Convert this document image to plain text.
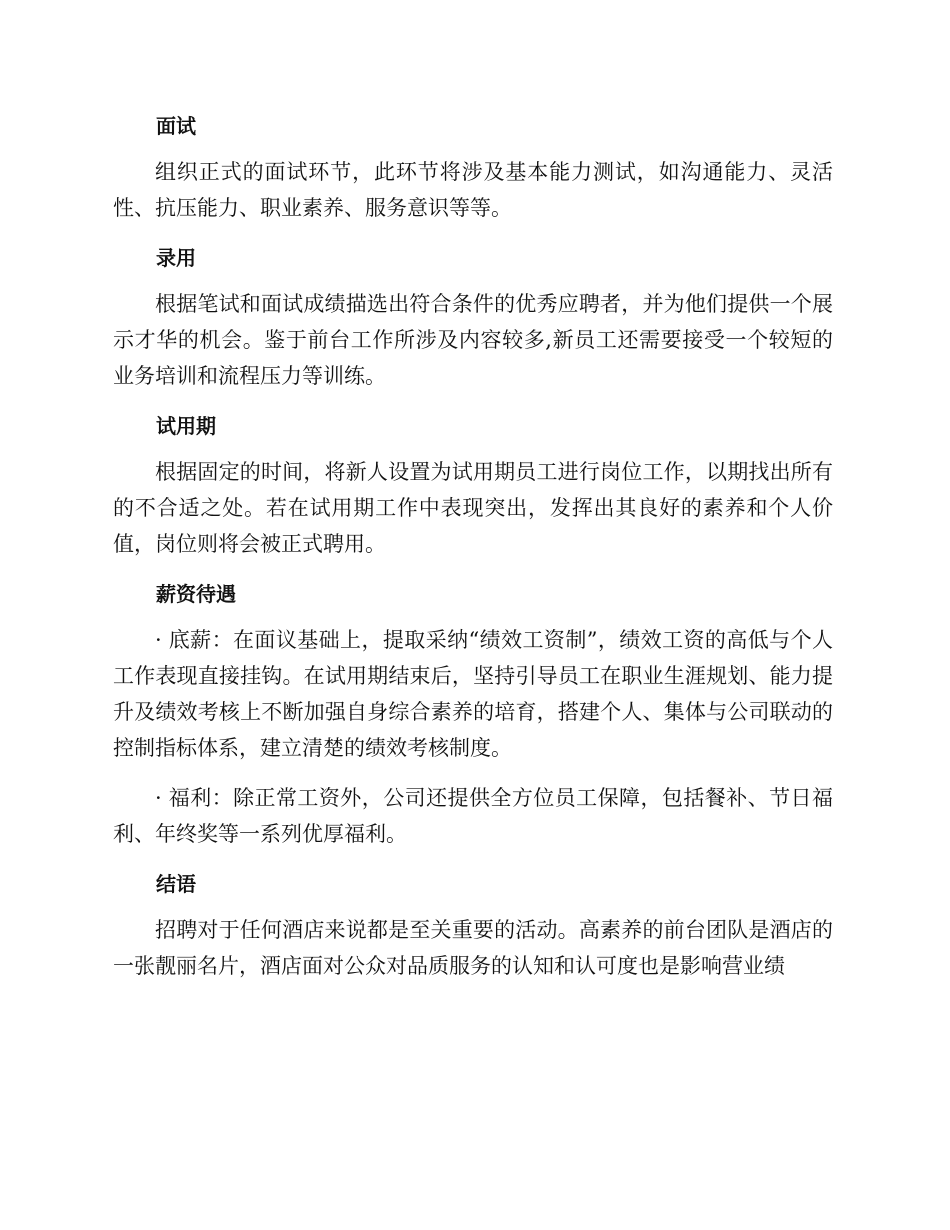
面试

组织正式的面试环节，此环节将涉及基本能力测试，如沟通能力、灵活性、抗压能力、职业素养、服务意识等等。

录用

根据笔试和面试成绩描选出符合条件的优秀应聘者，并为他们提供一个展示才华的机会。鉴于前台工作所涉及内容较多,新员工还需要接受一个较短的业务培训和流程压力等训练。

试用期

根据固定的时间，将新人设置为试用期员工进行岗位工作，以期找出所有的不合适之处。若在试用期工作中表现突出，发挥出其良好的素养和个人价值，岗位则将会被正式聘用。

薪资待遇

· 底薪：在面议基础上，提取采纳“绩效工资制”，绩效工资的高低与个人工作表现直接挂钩。在试用期结束后，坚持引导员工在职业生涯规划、能力提升及绩效考核上不断加强自身综合素养的培育，搭建个人、集体与公司联动的控制指标体系，建立清楚的绩效考核制度。

· 福利：除正常工资外，公司还提供全方位员工保障，包括餐补、节日福利、年终奖等一系列优厚福利。

结语

招聘对于任何酒店来说都是至关重要的活动。高素养的前台团队是酒店的一张靓丽名片，酒店面对公众对品质服务的认知和认可度也是影响营业绩
